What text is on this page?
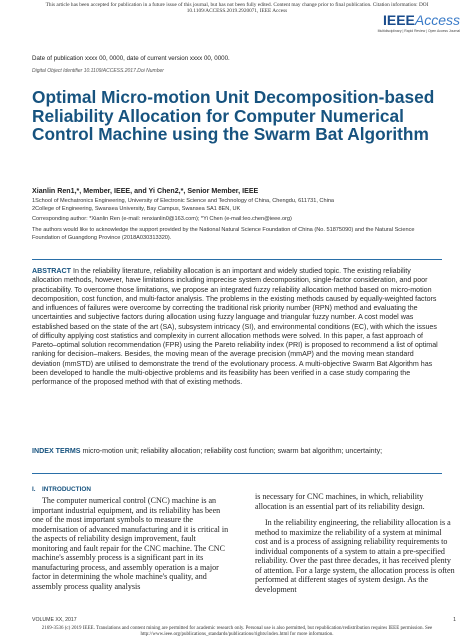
This article has been accepted for publication in a future issue of this journal, but has not been fully edited. Content may change prior to final publication. Citation information: DOI
10.1109/ACCESS.2019.2920071, IEEE Access
IEEEAccess
Multidisciplinary | Rapid Review | Open Access Journal
Date of publication xxxx 00, 0000, date of current version xxxx 00, 0000.
Digital Object Identifier 10.1109/ACCESS.2017.Doi Number
Optimal Micro-motion Unit Decomposition-based Reliability Allocation for Computer Numerical Control Machine using the Swarm Bat Algorithm
Xianlin Ren1,*, Member, IEEE, and Yi Chen2,*, Senior Member, IEEE
1School of Mechatronics Engineering, University of Electronic Science and Technology of China, Chengdu, 611731, China
2College of Engineering, Swansea University, Bay Campus, Swansea SA1 8EN, UK
Corresponding author: *Xianlin Ren (e-mail: renxianlin0@163.com); *Yi Chen (e-mail:leo.chen@ieee.org)
The authors would like to acknowledge the support provided by the National Natural Science Foundation of China (No. 51875090) and the Natural Science Foundation of Guangdong Province (2018A030313320).

ABSTRACT In the reliability literature, reliability allocation is an important and widely studied topic. The existing reliability allocation methods, however, have limitations including imprecise system decomposition, single-factor consideration, and poor practicability. To overcome those limitations, we propose an integrated fuzzy reliability allocation method based on micro-motion decomposition, cost function, and multi-factor analysis. The problems in the existing methods caused by equally-weighted factors and influences of failures were overcome by correcting the traditional risk priority number (RPN) method and evaluating the uncertainties and subjective factors during allocation using fuzzy language and triangular fuzzy number. A cost model was established based on the state of the art (SA), subsystem intricacy (SI), and environmental conditions (EC), with which the issues of difficulty applying cost statistics and complexity in current allocation methods were solved. In this paper, a fast approach of Pareto–optimal solution recommendation (FPR) using the Pareto reliability index (PRI) is proposed to recommend a list of optimal ranking for decision–makers. Besides, the moving mean of the average precision (mmAP) and the moving mean standard deviation (mmSTD) are utilised to demonstrate the trend of the evolutionary process. A multi-objective Swarm Bat Algorithm has been developed to handle the multi-objective problems and its feasibility has been verified in a case study comparing the performance of the proposed method with that of existing methods.

INDEX TERMS micro-motion unit; reliability allocation; reliability cost function; swarm bat algorithm; uncertainty;

I. INTRODUCTION

The computer numerical control (CNC) machine is an important industrial equipment, and its reliability has been one of the most important symbols to measure the modernisation of advanced manufacturing and it is critical in the aspects of reliability design improvement, fault monitoring and fault repair for the CNC machine. The CNC machine's assembly process is a significant part in its manufacturing process, and assembly operation is a major factor in determining the whole machine's quality, and assembly process quality analysis

is necessary for CNC machines, in which, reliability allocation is an essential part of its reliability design.

In the reliability engineering, the reliability allocation is a method to maximize the reliability of a system at minimal cost and is a process of assigning reliability requirements to individual components of a system to attain a pre-specified reliability. Over the past three decades, it has received plenty of attention. For a large system, the allocation process is often performed at different stages of system design. As the development

VOLUME XX, 2017	1
2169-3536 (c) 2019 IEEE. Translations and content mining are permitted for academic research only. Personal use is also permitted, but republication/redistribution requires IEEE permission. See
http://www.ieee.org/publications_standards/publications/rights/index.html for more information.
